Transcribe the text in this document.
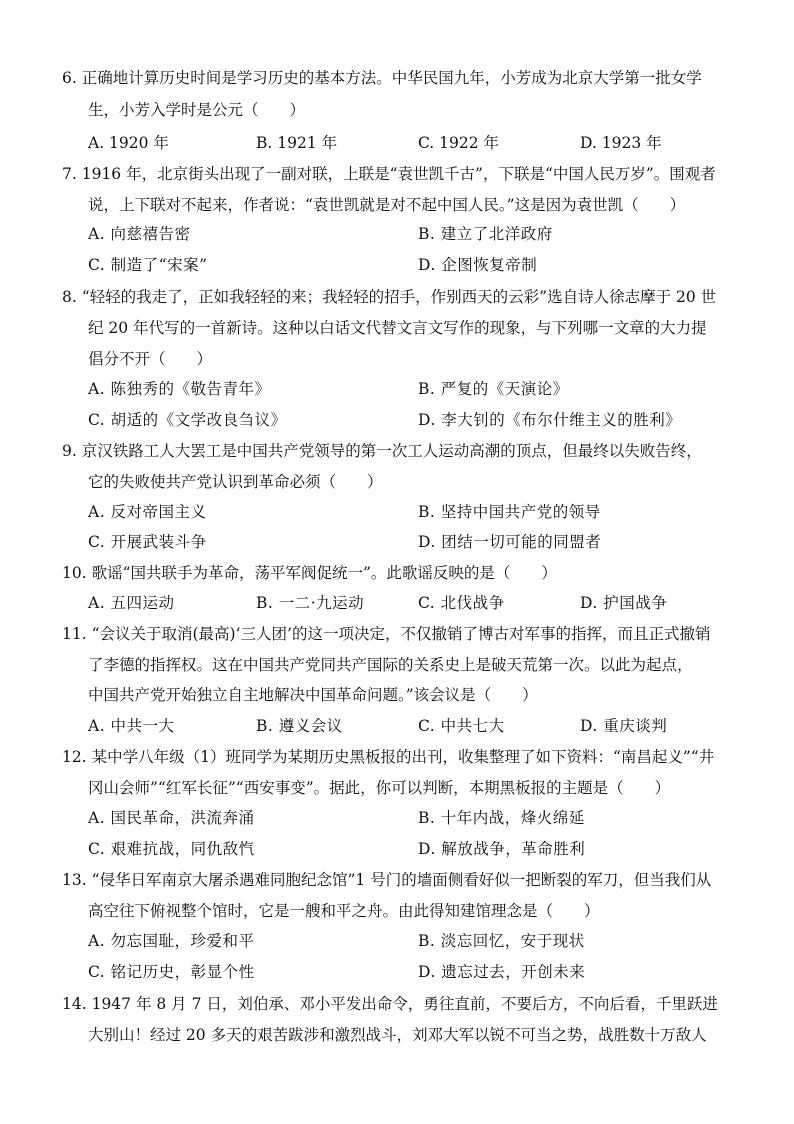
6. 正确地计算历史时间是学习历史的基本方法。中华民国九年，小芳成为北京大学第一批女学
生，小芳入学时是公元（　　）
A. 1920 年	B. 1921 年	C. 1922 年	D. 1923 年
7. 1916 年，北京街头出现了一副对联，上联是“袁世凯千古”，下联是“中国人民万岁”。围观者
说，上下联对不起来，作者说：“袁世凯就是对不起中国人民。”这是因为袁世凯（　　）
A. 向慈禧告密	B. 建立了北洋政府
C. 制造了“宋案”	D. 企图恢复帝制
8. “轻轻的我走了，正如我轻轻的来；我轻轻的招手，作别西天的云彩”选自诗人徐志摩于 20 世
纪 20 年代写的一首新诗。这种以白话文代替文言文写作的现象，与下列哪一文章的大力提
倡分不开（　　）
A. 陈独秀的《敬告青年》	B. 严复的《天演论》
C. 胡适的《文学改良刍议》	D. 李大钊的《布尔什维主义的胜利》
9. 京汉铁路工人大罢工是中国共产党领导的第一次工人运动高潮的顶点，但最终以失败告终，
它的失败使共产党认识到革命必须（　　）
A. 反对帝国主义	B. 坚持中国共产党的领导
C. 开展武装斗争	D. 团结一切可能的同盟者
10. 歌谣“国共联手为革命，荡平军阀促统一”。此歌谣反映的是（　　）
A. 五四运动	B. 一二·九运动	C. 北伐战争	D. 护国战争
11. “会议关于取消(最高)‘三人团’的这一项决定，不仅撤销了博古对军事的指挥，而且正式撤销
了李德的指挥权。这在中国共产党同共产国际的关系史上是破天荒第一次。以此为起点，
中国共产党开始独立自主地解决中国革命问题。”该会议是（　　）
A. 中共一大	B. 遵义会议	C. 中共七大	D. 重庆谈判
12. 某中学八年级（1）班同学为某期历史黑板报的出刊，收集整理了如下资料：“南昌起义”“井
冈山会师”“红军长征”“西安事变”。据此，你可以判断，本期黑板报的主题是（　　）
A. 国民革命，洪流奔涌	B. 十年内战，烽火绵延
C. 艰难抗战，同仇敌忾	D. 解放战争，革命胜利
13. “侵华日军南京大屠杀遇难同胞纪念馆”1 号门的墙面侧看好似一把断裂的军刀，但当我们从
高空往下俯视整个馆时，它是一艘和平之舟。由此得知建馆理念是（　　）
A. 勿忘国耻，珍爱和平	B. 淡忘回忆，安于现状
C. 铭记历史，彰显个性	D. 遗忘过去，开创未来
14. 1947 年 8 月 7 日，刘伯承、邓小平发出命令，勇往直前，不要后方，不向后看，千里跃进
大别山！经过 20 多天的艰苦跋涉和激烈战斗，刘邓大军以锐不可当之势，战胜数十万敌人
